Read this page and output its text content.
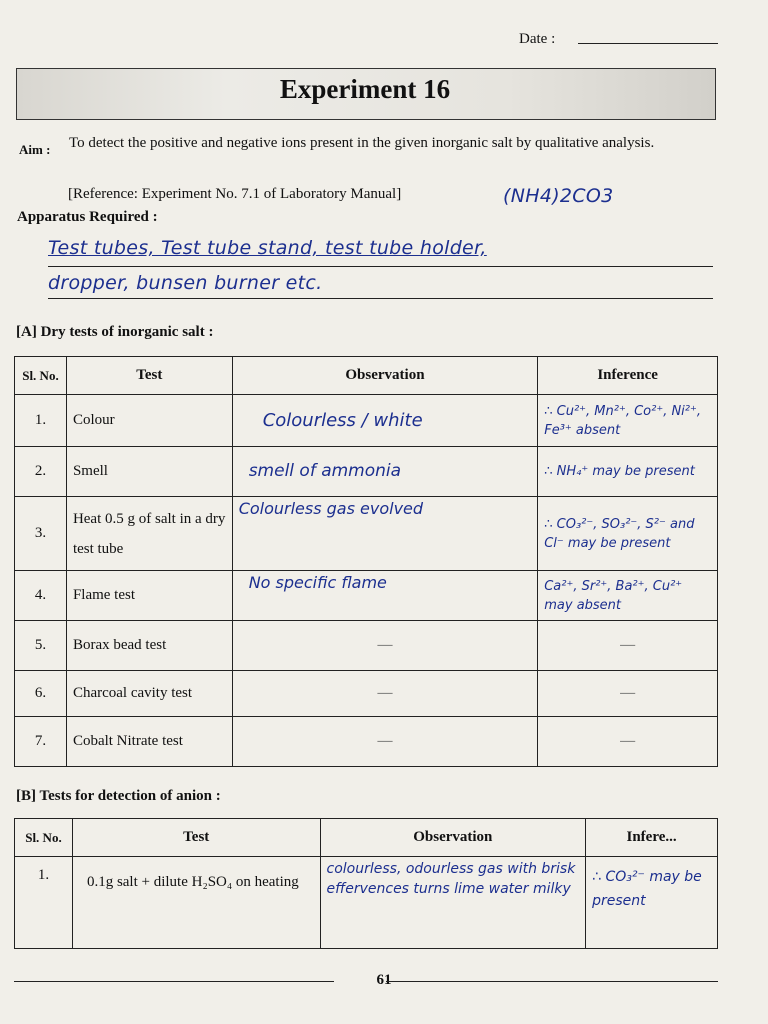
Date :
Experiment 16
Aim : To detect the positive and negative ions present in the given inorganic salt by qualitative analysis.
[Reference: Experiment No. 7.1 of Laboratory Manual]	(NH4)2CO3
Apparatus Required :
Test tubes, Test tube stand, test tube holder,
dropper, bunsen burner etc.
[A] Dry tests of inorganic salt :
Sl. No.	Test	Observation	Inference
1.	Colour	Colourless / white	∴ Cu²⁺, Mn²⁺, Co²⁺, Ni²⁺, Fe³⁺ absent
2.	Smell	smell of ammonia	∴ NH₄⁺ may be present
3.	Heat 0.5 g of salt in a dry test tube	Colourless gas evolved	∴ CO₃²⁻, SO₃²⁻, S²⁻ and Cl⁻ may be present
4.	Flame test	No specific flame	Ca²⁺, Sr²⁺, Ba²⁺, Cu²⁺ may absent
5.	Borax bead test	—	—
6.	Charcoal cavity test	—	—
7.	Cobalt Nitrate test	—	—
[B] Tests for detection of anion :
Sl. No.	Test	Observation	Infere...
1.	0.1g salt + dilute H₂SO₄ on heating	colourless, odourless gas with brisk effervences turns lime water milky	∴ CO₃²⁻ may be present
61
